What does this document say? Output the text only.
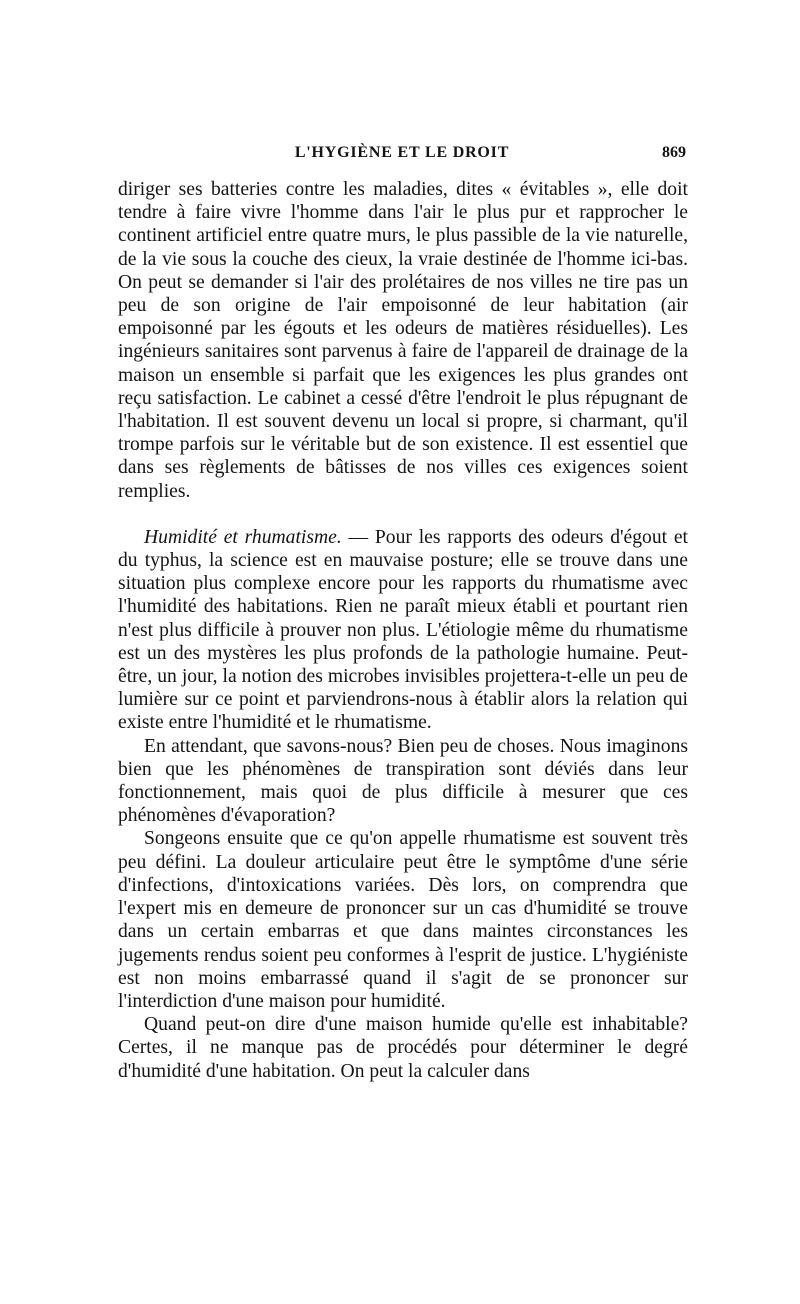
L'HYGIÈNE ET LE DROIT	869

diriger ses batteries contre les maladies, dites « évitables », elle doit tendre à faire vivre l'homme dans l'air le plus pur et rapprocher le continent artificiel entre quatre murs, le plus passible de la vie naturelle, de la vie sous la couche des cieux, la vraie destinée de l'homme ici-bas. On peut se demander si l'air des prolétaires de nos villes ne tire pas un peu de son origine de l'air empoisonné de leur habitation (air empoisonné par les égouts et les odeurs de matières résiduelles). Les ingénieurs sanitaires sont parvenus à faire de l'appareil de drainage de la maison un ensemble si parfait que les exigences les plus grandes ont reçu satisfaction. Le cabinet a cessé d'être l'endroit le plus répugnant de l'habitation. Il est souvent devenu un local si propre, si charmant, qu'il trompe parfois sur le véritable but de son existence. Il est essentiel que dans ses règlements de bâtisses de nos villes ces exigences soient remplies.

Humidité et rhumatisme. — Pour les rapports des odeurs d'égout et du typhus, la science est en mauvaise posture; elle se trouve dans une situation plus complexe encore pour les rapports du rhumatisme avec l'humidité des habitations. Rien ne paraît mieux établi et pourtant rien n'est plus difficile à prouver non plus. L'étiologie même du rhumatisme est un des mystères les plus profonds de la pathologie humaine. Peut-être, un jour, la notion des microbes invisibles projettera-t-elle un peu de lumière sur ce point et parviendrons-nous à établir alors la relation qui existe entre l'humidité et le rhumatisme.

En attendant, que savons-nous? Bien peu de choses. Nous imaginons bien que les phénomènes de transpiration sont déviés dans leur fonctionnement, mais quoi de plus difficile à mesurer que ces phénomènes d'évaporation?

Songeons ensuite que ce qu'on appelle rhumatisme est souvent très peu défini. La douleur articulaire peut être le symptôme d'une série d'infections, d'intoxications variées. Dès lors, on comprendra que l'expert mis en demeure de prononcer sur un cas d'humidité se trouve dans un certain embarras et que dans maintes circonstances les jugements rendus soient peu conformes à l'esprit de justice. L'hygiéniste est non moins embarrassé quand il s'agit de se prononcer sur l'interdiction d'une maison pour humidité.

Quand peut-on dire d'une maison humide qu'elle est inhabitable? Certes, il ne manque pas de procédés pour déterminer le degré d'humidité d'une habitation. On peut la calculer dans
